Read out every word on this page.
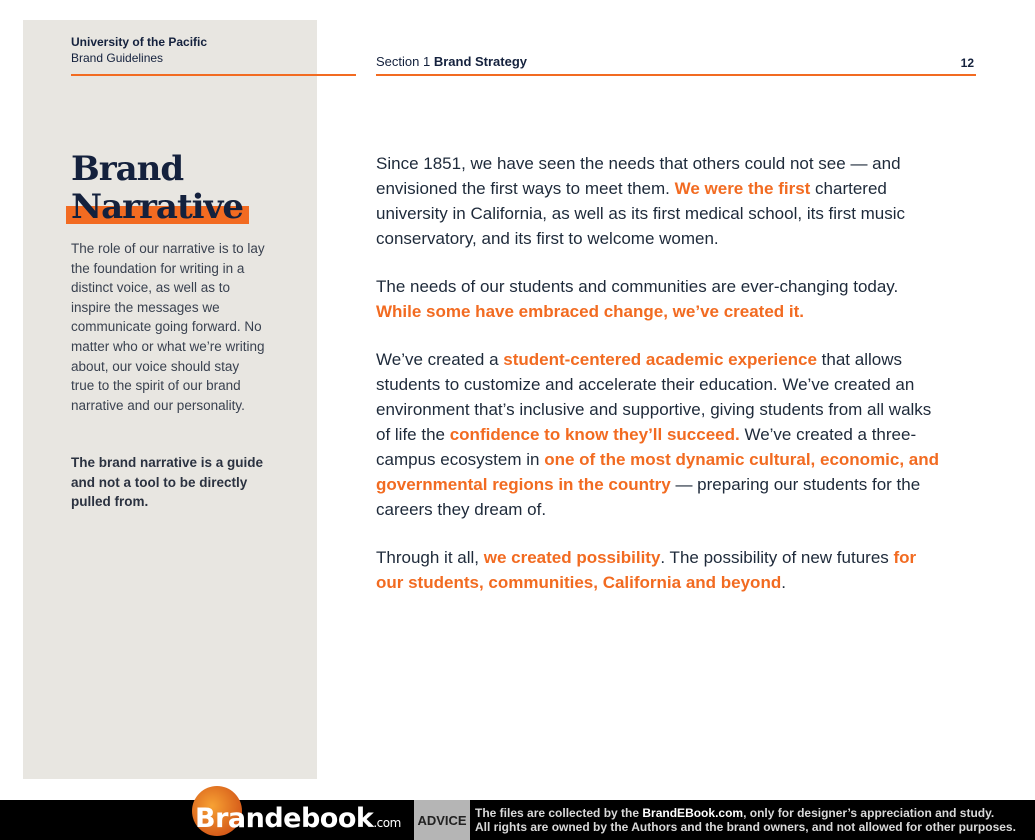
University of the Pacific
Brand Guidelines	Section 1 Brand Strategy	12
Brand
Narrative
The role of our narrative is to lay the foundation for writing in a distinct voice, as well as to inspire the messages we communicate going forward. No matter who or what we’re writing about, our voice should stay true to the spirit of our brand narrative and our personality.
The brand narrative is a guide and not a tool to be directly pulled from.

Since 1851, we have seen the needs that others could not see — and envisioned the first ways to meet them. We were the first chartered university in California, as well as its first medical school, its first music conservatory, and its first to welcome women.

The needs of our students and communities are ever-changing today. While some have embraced change, we’ve created it.

We’ve created a student-centered academic experience that allows students to customize and accelerate their education. We’ve created an environment that’s inclusive and supportive, giving students from all walks of life the confidence to know they’ll succeed. We’ve created a three-campus ecosystem in one of the most dynamic cultural, economic, and governmental regions in the country — preparing our students for the careers they dream of.

Through it all, we created possibility. The possibility of new futures for our students, communities, California and beyond.

Brandebook.com ADVICE The files are collected by the BrandEBook.com, only for designer’s appreciation and study.
All rights are owned by the Authors and the brand owners, and not allowed for other purposes.
